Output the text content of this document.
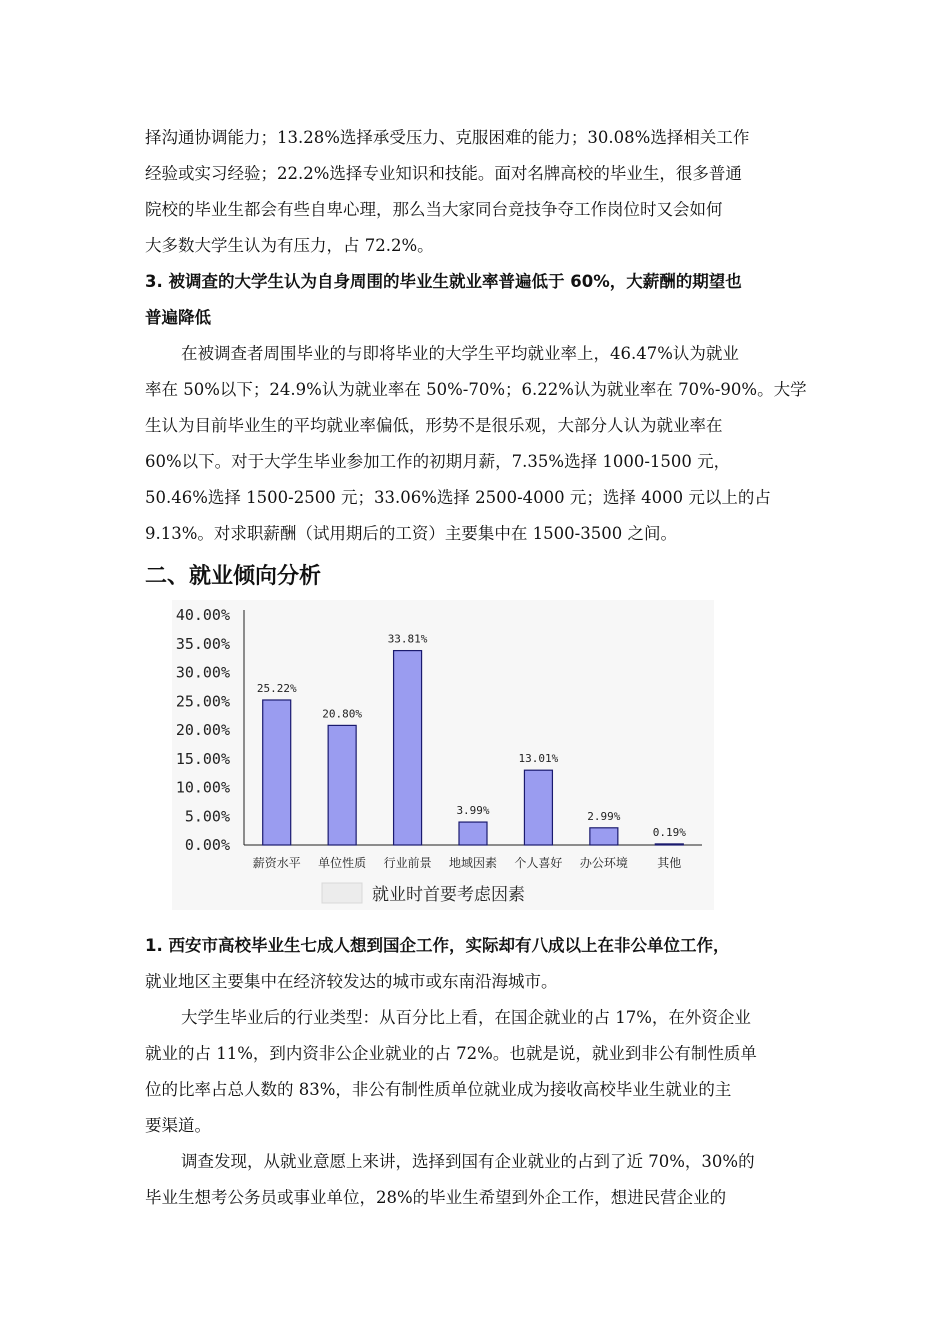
择沟通协调能力；13.28%选择承受压力、克服困难的能力；30.08%选择相关工作
经验或实习经验；22.2%选择专业知识和技能。面对名牌高校的毕业生，很多普通
院校的毕业生都会有些自卑心理，那么当大家同台竞技争夺工作岗位时又会如何
大多数大学生认为有压力，占 72.2%。
3. 被调查的大学生认为自身周围的毕业生就业率普遍低于 60%，大薪酬的期望也
普遍降低
在被调查者周围毕业的与即将毕业的大学生平均就业率上，46.47%认为就业
率在 50%以下；24.9%认为就业率在 50%-70%；6.22%认为就业率在 70%-90%。大学
生认为目前毕业生的平均就业率偏低，形势不是很乐观，大部分人认为就业率在
60%以下。对于大学生毕业参加工作的初期月薪，7.35%选择 1000-1500 元，
50.46%选择 1500-2500 元；33.06%选择 2500-4000 元；选择 4000 元以上的占
9.13%。对求职薪酬（试用期后的工资）主要集中在 1500-3500 之间。
二、就业倾向分析
40.00%
35.00%
30.00%
25.00%
20.00%
15.00%
10.00%
5.00%
0.00%
25.22%
薪资水平
20.80%
单位性质
33.81%
行业前景
3.99%
地域因素
13.01%
个人喜好
2.99%
办公环境
0.19%
其他
就业时首要考虑因素
1. 西安市高校毕业生七成人想到国企工作，实际却有八成以上在非公单位工作，
就业地区主要集中在经济较发达的城市或东南沿海城市。
大学生毕业后的行业类型：从百分比上看，在国企就业的占 17%，在外资企业
就业的占 11%，到内资非公企业就业的占 72%。也就是说，就业到非公有制性质单
位的比率占总人数的 83%，非公有制性质单位就业成为接收高校毕业生就业的主
要渠道。
调查发现，从就业意愿上来讲，选择到国有企业就业的占到了近 70%，30%的
毕业生想考公务员或事业单位，28%的毕业生希望到外企工作，想进民营企业的
